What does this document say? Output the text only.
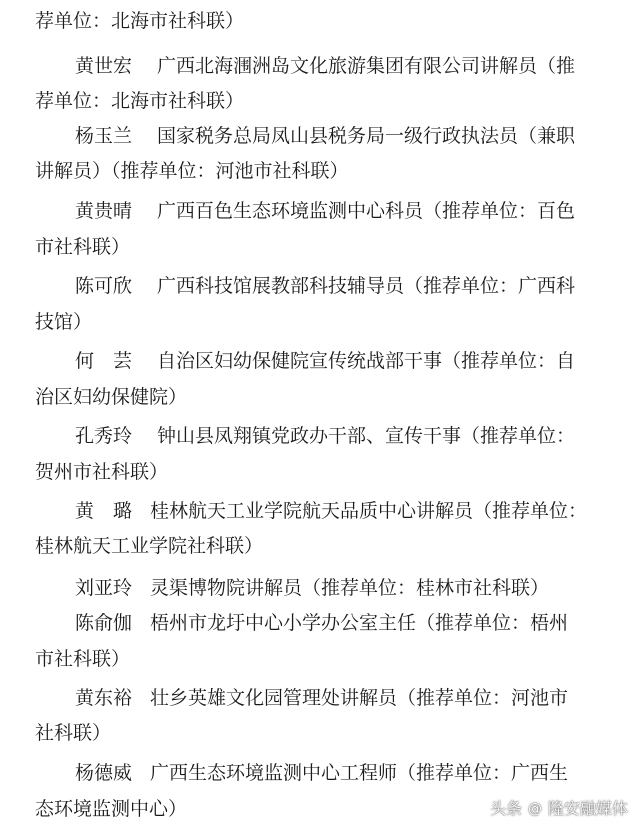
荐单位：北海市社科联）
黄世宏 广西北海涠洲岛文化旅游集团有限公司讲解员（推
荐单位：北海市社科联）
杨玉兰 国家税务总局凤山县税务局一级行政执法员（兼职
讲解员）（推荐单位：河池市社科联）
黄贵晴 广西百色生态环境监测中心科员（推荐单位：百色
市社科联）
陈可欣 广西科技馆展教部科技辅导员（推荐单位：广西科
技馆）
何　芸 自治区妇幼保健院宣传统战部干事（推荐单位：自
治区妇幼保健院）
孔秀玲 钟山县凤翔镇党政办干部、宣传干事（推荐单位：
贺州市社科联）
黄　璐 桂林航天工业学院航天品质中心讲解员（推荐单位：
桂林航天工业学院社科联）
刘亚玲 灵渠博物院讲解员（推荐单位：桂林市社科联）
陈俞伽 梧州市龙圩中心小学办公室主任（推荐单位：梧州
市社科联）
黄东裕 壮乡英雄文化园管理处讲解员（推荐单位：河池市
社科联）
杨德威 广西生态环境监测中心工程师（推荐单位：广西生
态环境监测中心）	头条 @ 隆安融媒体
